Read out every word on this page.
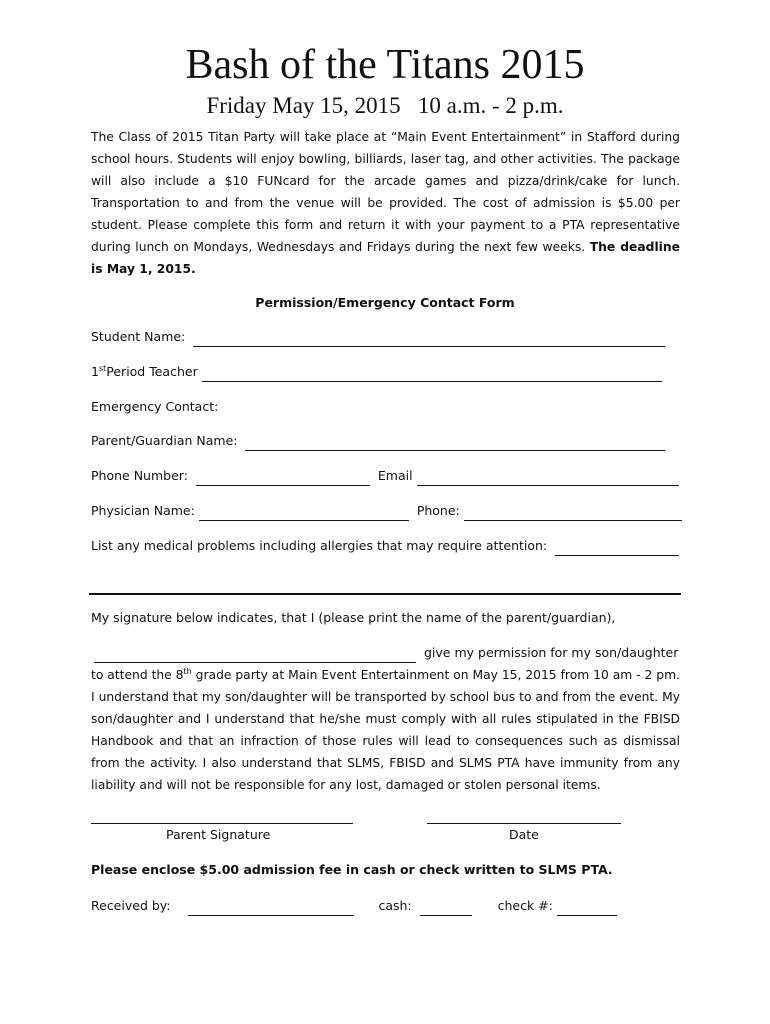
Bash of the Titans 2015
Friday May 15, 2015   10 a.m. - 2 p.m.
The Class of 2015 Titan Party will take place at “Main Event Entertainment” in Stafford during school hours. Students will enjoy bowling, billiards, laser tag, and other activities. The package will also include a $10 FUNcard for the arcade games and pizza/drink/cake for lunch. Transportation to and from the venue will be provided. The cost of admission is $5.00 per student. Please complete this form and return it with your payment to a PTA representative during lunch on Mondays, Wednesdays and Fridays during the next few weeks. The deadline is May 1, 2015.
Permission/Emergency Contact Form
Student Name:
1stPeriod Teacher
Emergency Contact:
Parent/Guardian Name:
Phone Number:	Email
Physician Name:	Phone:
List any medical problems including allergies that may require attention:
My signature below indicates, that I (please print the name of the parent/guardian),
give my permission for my son/daughter
to attend the 8th grade party at Main Event Entertainment on May 15, 2015 from 10 am - 2 pm. I understand that my son/daughter will be transported by school bus to and from the event. My son/daughter and I understand that he/she must comply with all rules stipulated in the FBISD Handbook and that an infraction of those rules will lead to consequences such as dismissal from the activity. I also understand that SLMS, FBISD and SLMS PTA have immunity from any liability and will not be responsible for any lost, damaged or stolen personal items.
Parent Signature	Date
Please enclose $5.00 admission fee in cash or check written to SLMS PTA.
Received by:	cash:	check #:
